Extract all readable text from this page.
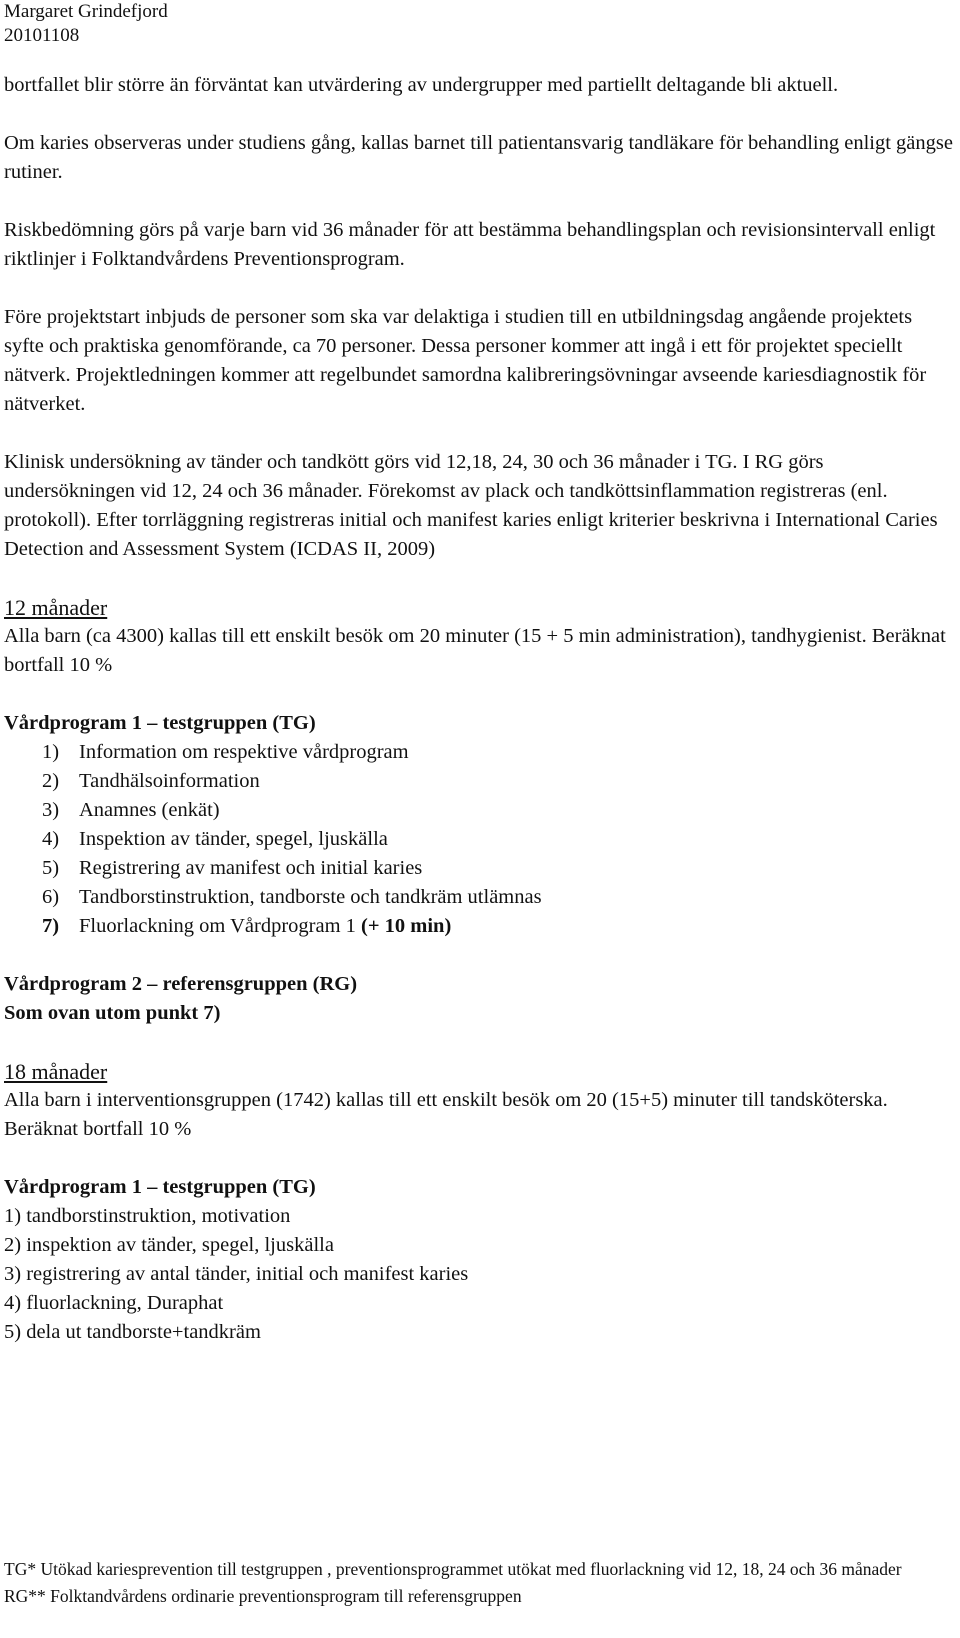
Margaret Grindefjord
20101108

bortfallet blir större än förväntat kan utvärdering av undergrupper med partiellt deltagande bli aktuell.

Om karies observeras under studiens gång, kallas barnet till patientansvarig tandläkare för behandling enligt gängse rutiner.

Riskbedömning görs på varje barn vid 36 månader för att bestämma behandlingsplan och revisionsintervall enligt riktlinjer i Folktandvårdens Preventionsprogram.

Före projektstart inbjuds de personer som ska var delaktiga i studien till en utbildningsdag angående projektets syfte och praktiska genomförande, ca 70 personer. Dessa personer kommer att ingå i ett för projektet speciellt nätverk. Projektledningen kommer att regelbundet samordna kalibreringsövningar avseende kariesdiagnostik för nätverket.

Klinisk undersökning av tänder och tandkött görs vid 12,18, 24, 30 och 36 månader i TG. I RG görs undersökningen vid 12, 24 och 36 månader. Förekomst av plack och tandköttsinflammation registreras (enl. protokoll). Efter torrläggning registreras initial och manifest karies enligt kriterier beskrivna i International Caries Detection and Assessment System (ICDAS II, 2009)

12 månader

Alla barn (ca 4300) kallas till ett enskilt besök om 20 minuter (15 + 5 min administration), tandhygienist. Beräknat bortfall 10 %

Vårdprogram 1 – testgruppen (TG)
1) Information om respektive vårdprogram
2) Tandhälsoinformation
3) Anamnes (enkät)
4) Inspektion av tänder, spegel, ljuskälla
5) Registrering av manifest och initial karies
6) Tandborstinstruktion, tandborste och tandkräm utlämnas
7) Fluorlackning om Vårdprogram 1 (+ 10 min)
Vårdprogram 2 – referensgruppen (RG)
Som ovan utom punkt 7)
18 månader

Alla barn i interventionsgruppen (1742) kallas till ett enskilt besök om 20 (15+5) minuter till tandsköterska. Beräknat bortfall 10 %

Vårdprogram 1 – testgruppen (TG)
1) tandborstinstruktion, motivation
2) inspektion av tänder, spegel, ljuskälla
3) registrering av antal tänder, initial och manifest karies
4) fluorlackning, Duraphat
5) dela ut tandborste+tandkräm

TG* Utökad kariesprevention till testgruppen , preventionsprogrammet utökat med fluorlackning vid 12, 18, 24 och 36 månader

RG** Folktandvårdens ordinarie preventionsprogram till referensgruppen
